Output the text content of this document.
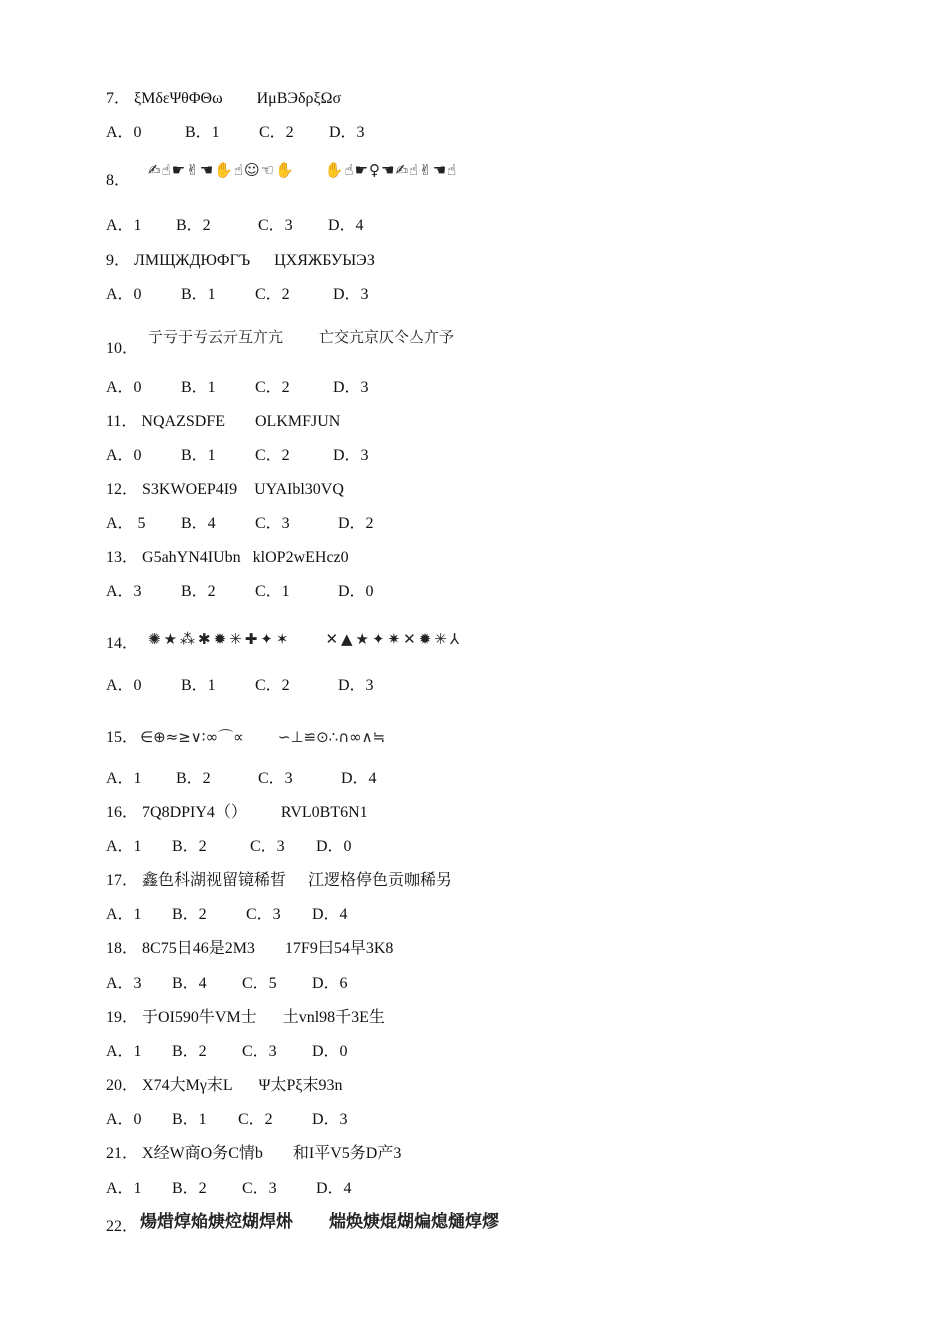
7． ξMδεΨθΦΘω ИμВЭδρξΩσ
A．0	B．1 C．2 D．3
8．✍☝☛✌☚✋☝☺☜✋ ✋☝☛♀☚✍☝✌☚☝
A．1 B．2	C．3 D．4
9． ЛМЩЖДЮФГЪ ЦХЯЖБУЫЭЗ
A．0 B．1 C．2	D．3
10．亍亏于亐云亓互亣亢 亡交亢京仄仒亼亣予
A．0 B．1 C．2	D．3
11． NQAZSDFE OLKMFJUN
A．0 B．1 C．2	D．3
12． S3KWOEP4I9 UYAIbl30VQ
A． 5 B．4 C．3	D．2
13． G5ahYN4IUbn klOP2wEHcz0
A．3 B．2 C．1	D．0
14． ✺★⁂✱✹✳✚✦✶ ✕▲★✦✷✕✹✳⅄
A．0 B．1 C．2	D．3
15． ∈⊕≈≥∨∶∞⌒∝ ∽⊥≌⊙∴∩∞∧≒
A．1 B．2	C．3	D．4
16． 7Q8DPIY4（） RVL0BT6N1
A．1 B．2	C．3 D．0
17． 鑫色科湖视留镜稀晢 江逻格停色贡咖稀另
A．1 B．2 C．3 D．4
18． 8C75日46是2M3 17F9曰54早3K8
A．3 B．4 C．5 D．6
19． 于OI590牛VM士 土vnl98千3E生
A．1 B．2 C．3 D．0
20． X74大Mγ末L Ψ太Pξ末93n
A．0 B．1 C．2 D．3
21． X经W商O务C情b 和I平V5务D产3
A．1 B．2 C．3 D．4
22． 煬焟焞焔焿焢煳焊烞 煓焕焿焜煳煸熄熥焞熮
